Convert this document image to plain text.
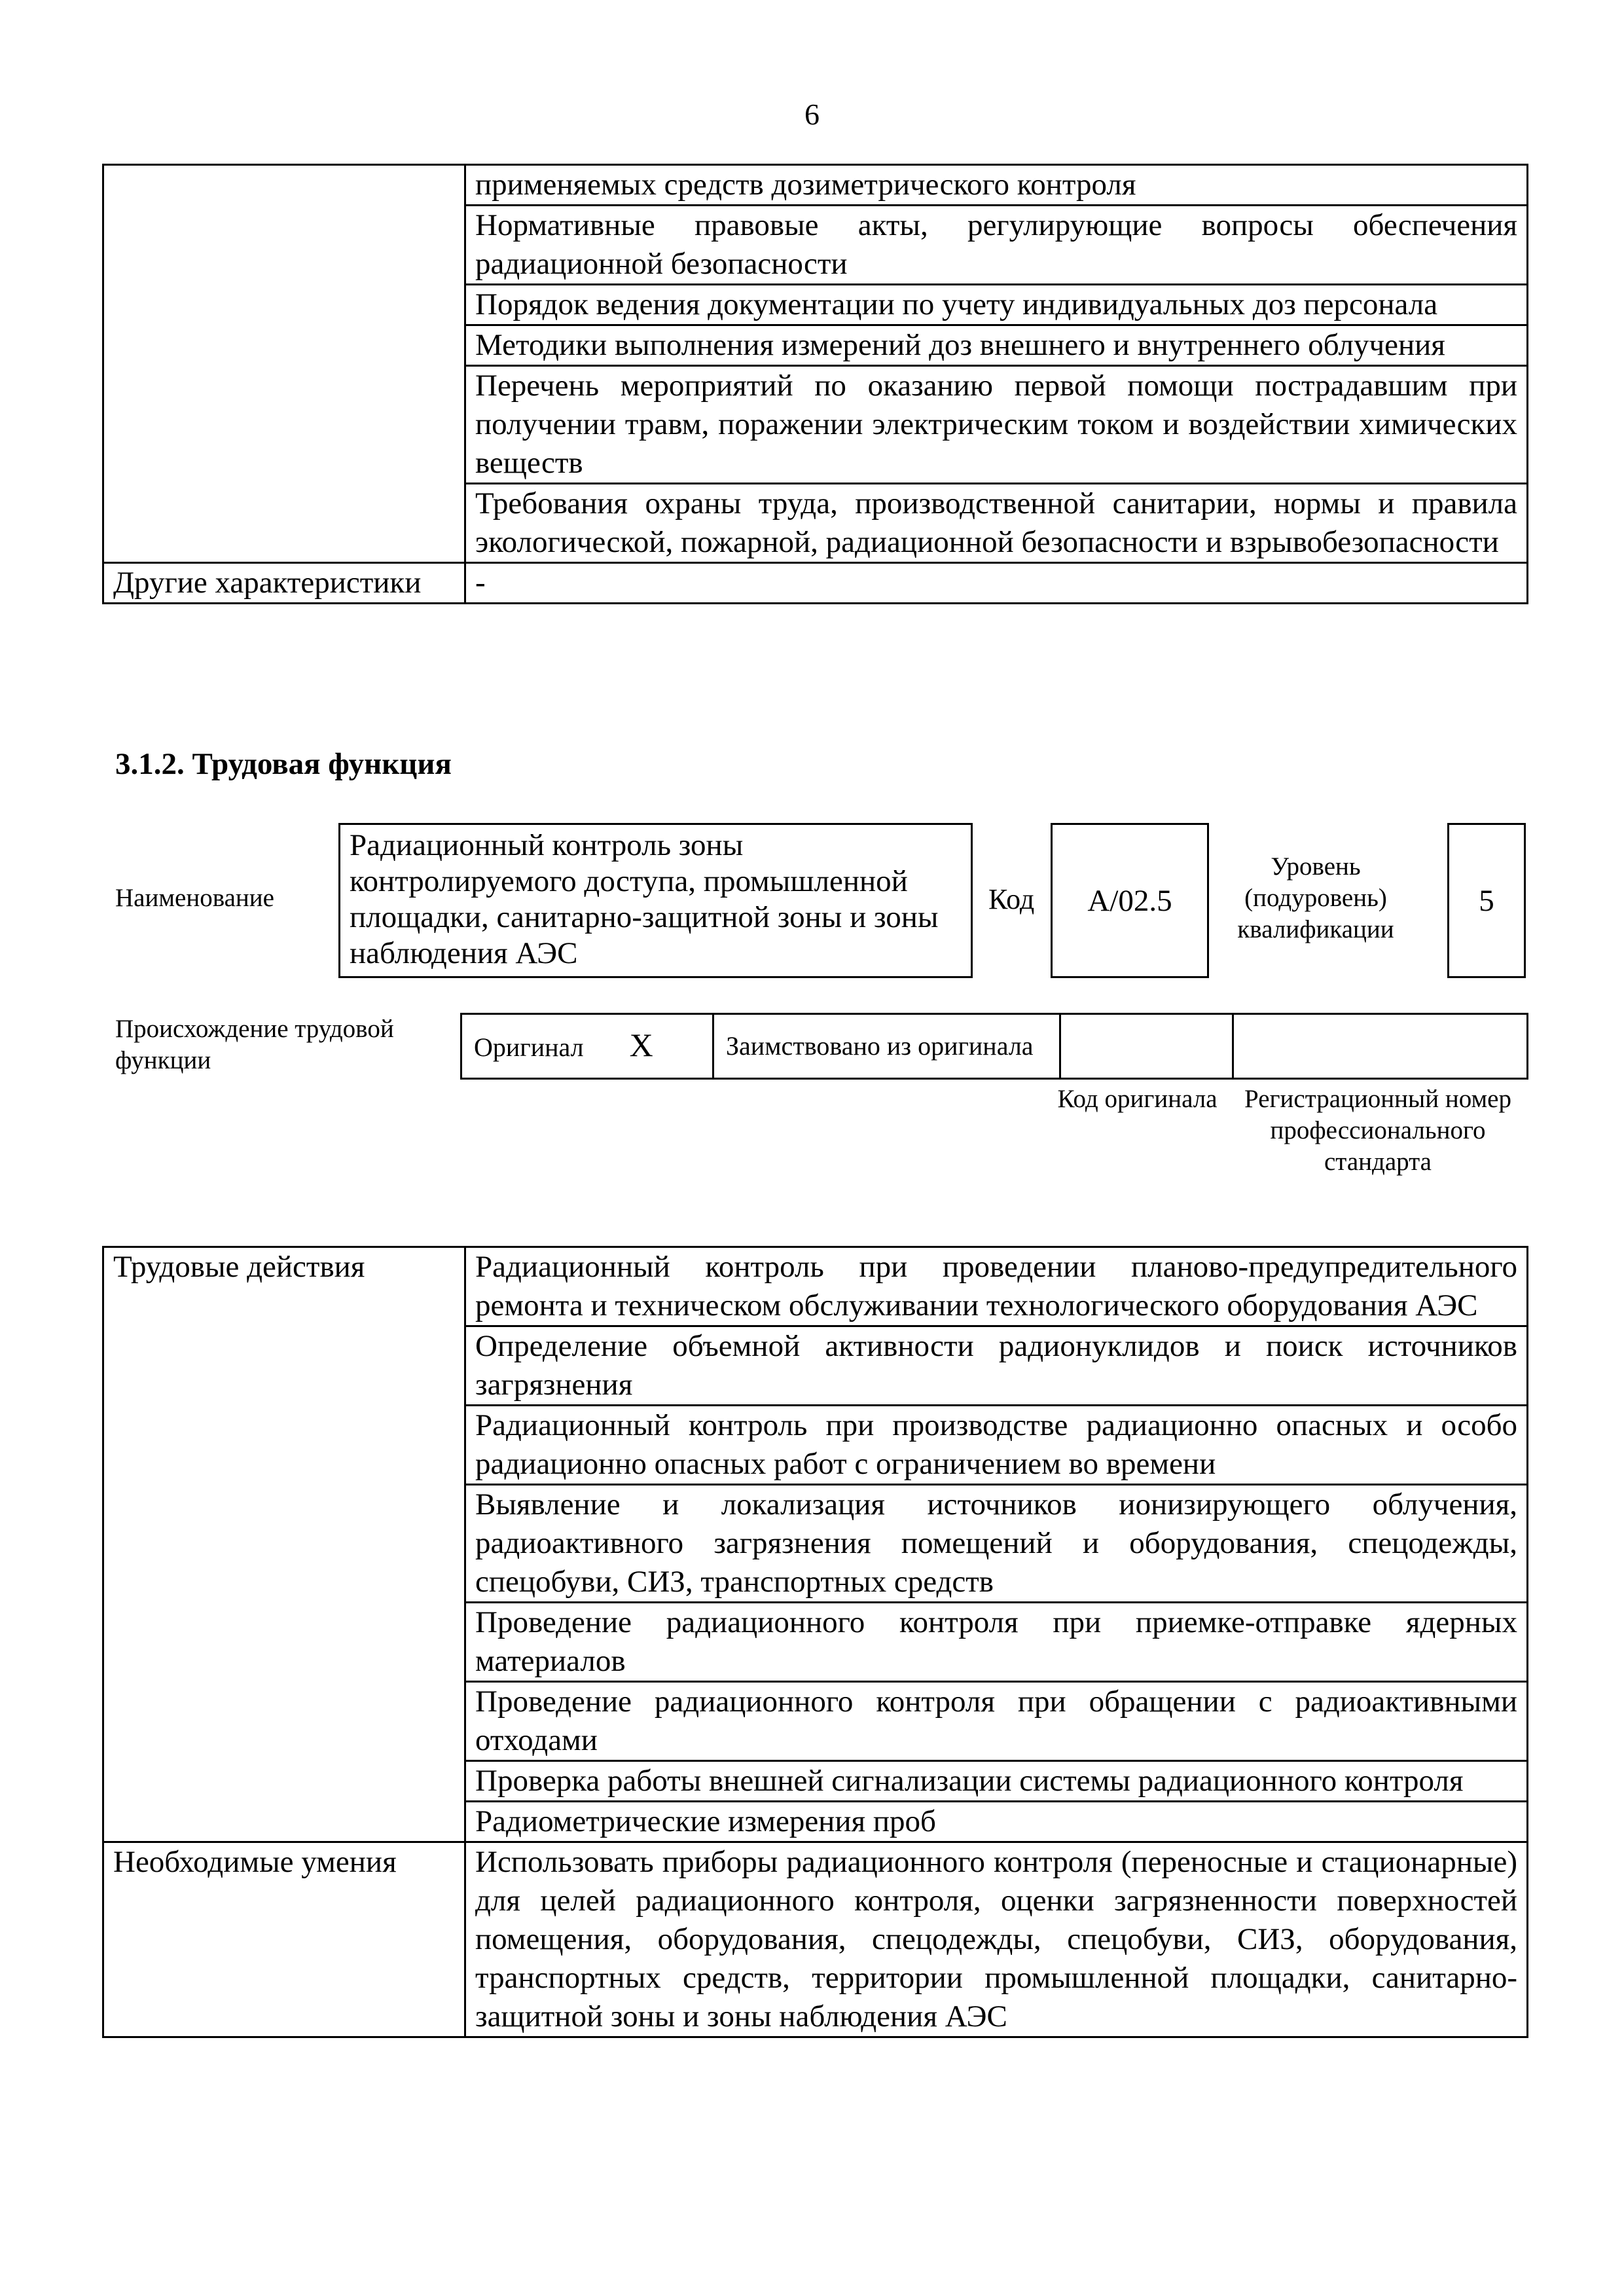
6
	применяемых средств дозиметрического контроля
	Нормативные правовые акты, регулирующие вопросы обеспечения радиационной безопасности
	Порядок ведения документации по учету индивидуальных доз персонала
	Методики выполнения измерений доз внешнего и внутреннего облучения
	Перечень мероприятий по оказанию первой помощи пострадавшим при получении травм, поражении электрическим током и воздействии химических веществ
	Требования охраны труда, производственной санитарии, нормы и правила экологической, пожарной, радиационной безопасности и взрывобезопасности
Другие характеристики	-
3.1.2. Трудовая функция
Наименование
Радиационный контроль зоны контролируемого доступа, промышленной площадки, санитарно-защитной зоны и зоны наблюдения АЭС
Код A/02.5
Уровень (подуровень) квалификации
5
Происхождение трудовой функции	Оригинал X	Заимствовано из оригинала		
Код оригинала	Регистрационный номер профессионального стандарта
Трудовые действия	Радиационный контроль при проведении планово-предупредительного ремонта и техническом обслуживании технологического оборудования АЭС
	Определение объемной активности радионуклидов и поиск источников загрязнения
	Радиационный контроль при производстве радиационно опасных и особо радиационно опасных работ с ограничением во времени
	Выявление и локализация источников ионизирующего облучения, радиоактивного загрязнения помещений и оборудования, спецодежды, спецобуви, СИЗ, транспортных средств
	Проведение радиационного контроля при приемке-отправке ядерных материалов
	Проведение радиационного контроля при обращении с радиоактивными отходами
	Проверка работы внешней сигнализации системы радиационного контроля
	Радиометрические измерения проб
Необходимые умения	Использовать приборы радиационного контроля (переносные и стационарные) для целей радиационного контроля, оценки загрязненности поверхностей помещения, оборудования, спецодежды, спецобуви, СИЗ, оборудования, транспортных средств, территории промышленной площадки, санитарно-защитной зоны и зоны наблюдения АЭС
